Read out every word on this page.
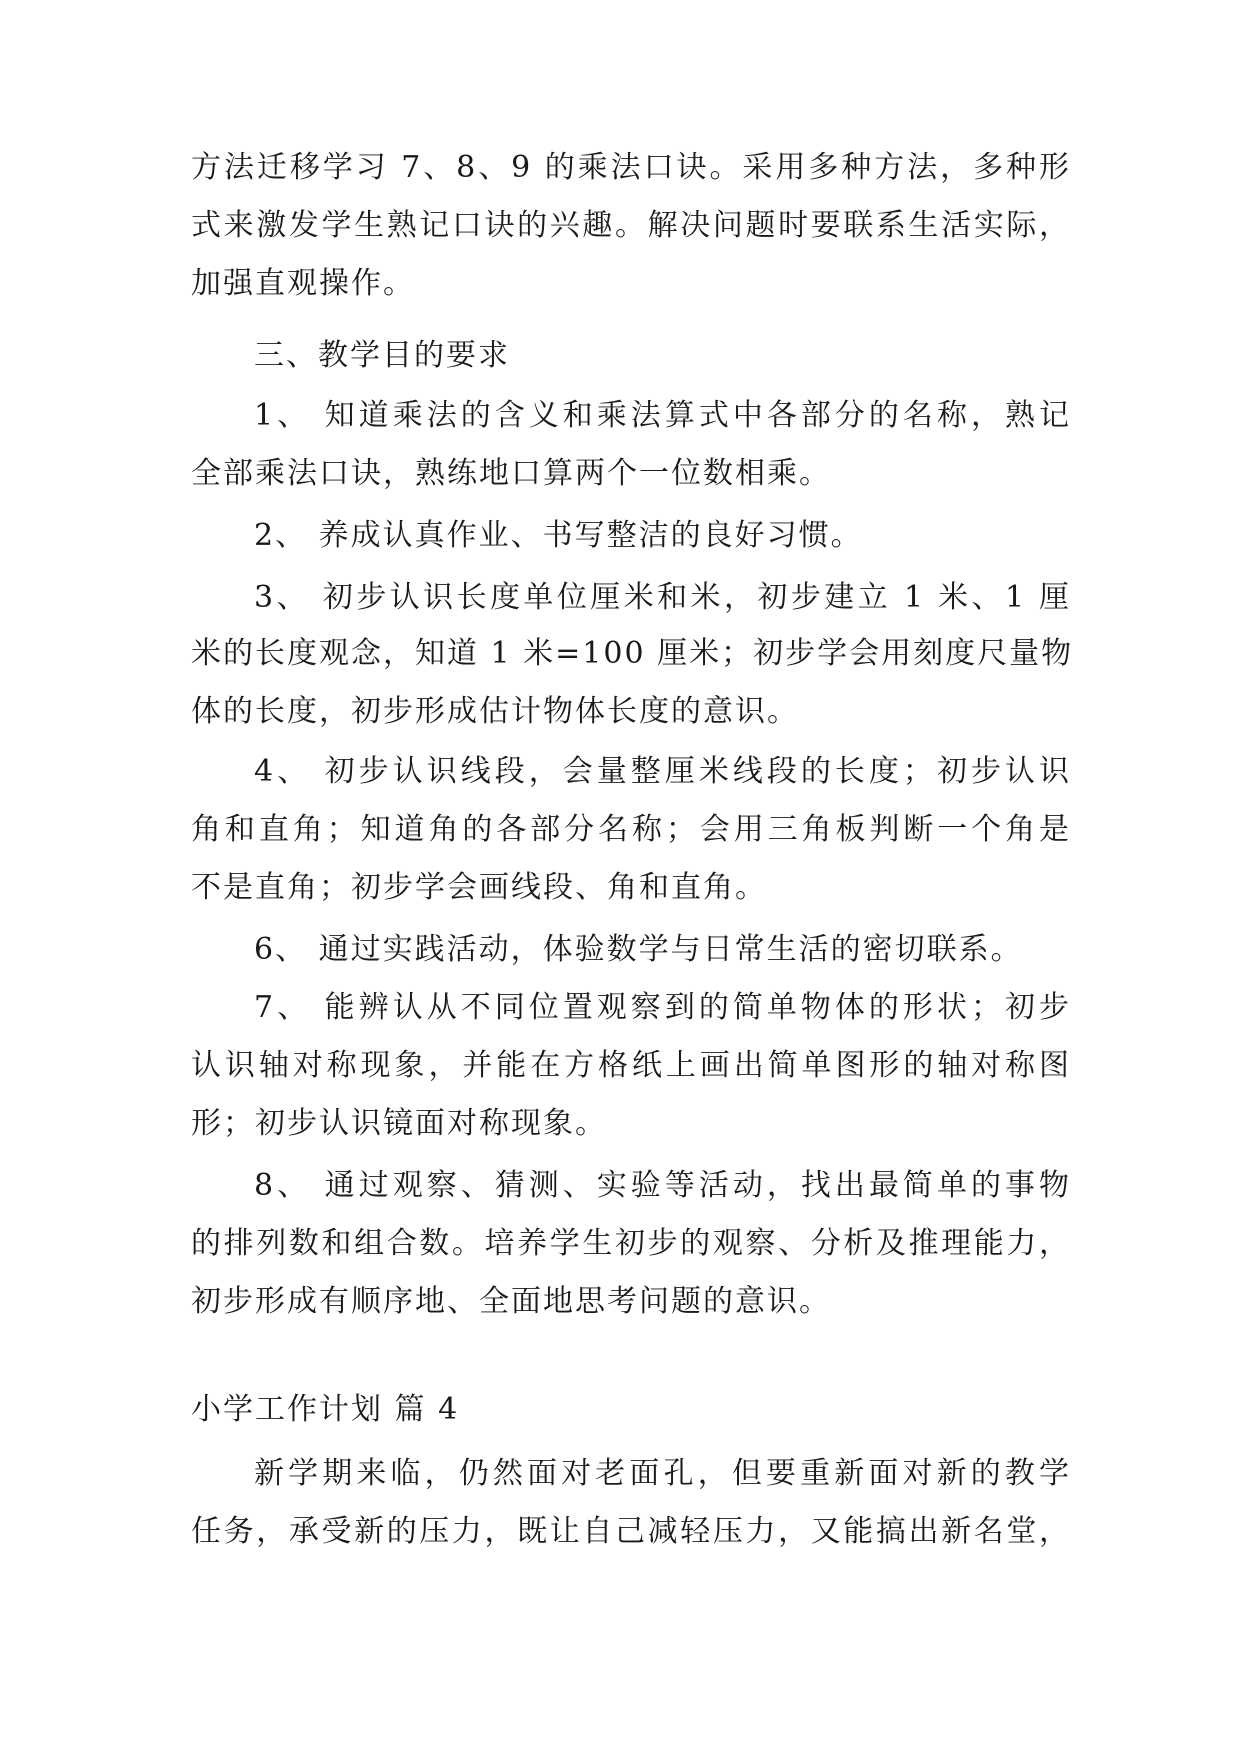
方法迁移学习 7、8、9 的乘法口诀。采用多种方法，多种形
式来激发学生熟记口诀的兴趣。解决问题时要联系生活实际，
加强直观操作。
三、教学目的要求
1、 知道乘法的含义和乘法算式中各部分的名称，熟记
全部乘法口诀，熟练地口算两个一位数相乘。
2、 养成认真作业、书写整洁的良好习惯。
3、 初步认识长度单位厘米和米，初步建立 1 米、1 厘
米的长度观念，知道 1 米=100 厘米；初步学会用刻度尺量物
体的长度，初步形成估计物体长度的意识。
4、 初步认识线段，会量整厘米线段的长度；初步认识
角和直角；知道角的各部分名称；会用三角板判断一个角是
不是直角；初步学会画线段、角和直角。
6、 通过实践活动，体验数学与日常生活的密切联系。
7、 能辨认从不同位置观察到的简单物体的形状；初步
认识轴对称现象，并能在方格纸上画出简单图形的轴对称图
形；初步认识镜面对称现象。
8、 通过观察、猜测、实验等活动，找出最简单的事物
的排列数和组合数。培养学生初步的观察、分析及推理能力，
初步形成有顺序地、全面地思考问题的意识。
小学工作计划 篇 4
新学期来临，仍然面对老面孔，但要重新面对新的教学
任务，承受新的压力，既让自己减轻压力，又能搞出新名堂，
